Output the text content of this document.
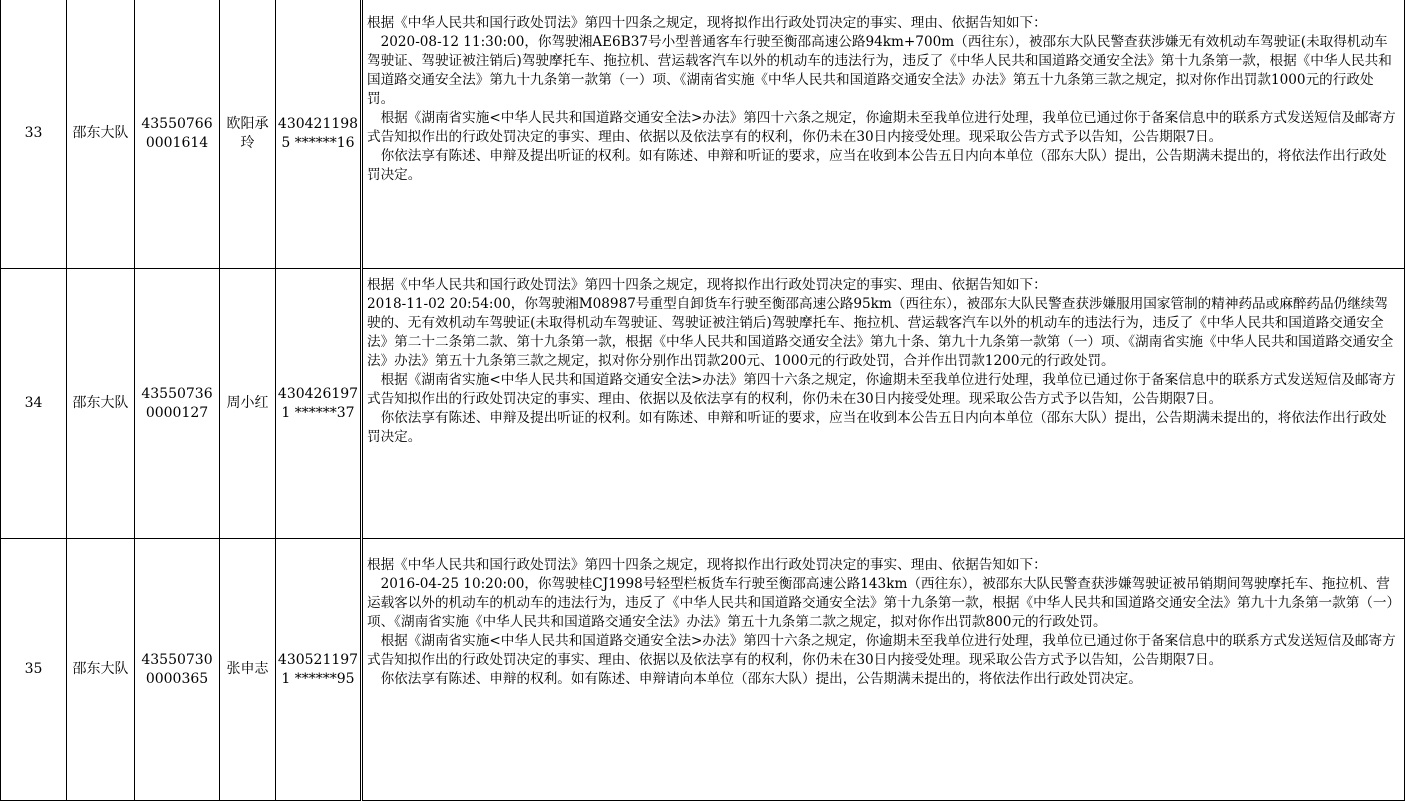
33	邵东大队	43550766 0001614	欧阳承玲	4304211985 ******16	根据《中华人民共和国行政处罚法》第四十四条之规定，现将拟作出行政处罚决定的事实、理由、依据告知如下：

2020-08-12 11:30:00，你驾驶湘AE6B37号小型普通客车行驶至衡邵高速公路94km+700m（西往东），被邵东大队民警查获涉嫌无有效机动车驾驶证(未取得机动车驾驶证、驾驶证被注销后)驾驶摩托车、拖拉机、营运载客汽车以外的机动车的违法行为，违反了《中华人民共和国道路交通安全法》第十九条第一款，根据《中华人民共和国道路交通安全法》第九十九条第一款第（一）项、《湖南省实施《中华人民共和国道路交通安全法》办法》第五十九条第三款之规定，拟对你作出罚款1000元的行政处罚。

根据《湖南省实施<中华人民共和国道路交通安全法>办法》第四十六条之规定，你逾期未至我单位进行处理，我单位已通过你于备案信息中的联系方式发送短信及邮寄方式告知拟作出的行政处罚决定的事实、理由、依据以及依法享有的权利，你仍未在30日内接受处理。现采取公告方式予以告知，公告期限7日。

你依法享有陈述、申辩及提出听证的权利。如有陈述、申辩和听证的要求，应当在收到本公告五日内向本单位（邵东大队）提出，公告期满未提出的，将依法作出行政处罚决定。

34	邵东大队	43550736 0000127	周小红	4304261971 ******37	根据《中华人民共和国行政处罚法》第四十四条之规定，现将拟作出行政处罚决定的事实、理由、依据告知如下：

2018-11-02 20:54:00，你驾驶湘M08987号重型自卸货车行驶至衡邵高速公路95km（西往东），被邵东大队民警查获涉嫌服用国家管制的精神药品或麻醉药品仍继续驾驶的、无有效机动车驾驶证(未取得机动车驾驶证、驾驶证被注销后)驾驶摩托车、拖拉机、营运载客汽车以外的机动车的违法行为，违反了《中华人民共和国道路交通安全法》第二十二条第二款、第十九条第一款，根据《中华人民共和国道路交通安全法》第九十条、第九十九条第一款第（一）项、《湖南省实施《中华人民共和国道路交通安全法》办法》第五十九条第三款之规定，拟对你分别作出罚款200元、1000元的行政处罚，合并作出罚款1200元的行政处罚。

根据《湖南省实施<中华人民共和国道路交通安全法>办法》第四十六条之规定，你逾期未至我单位进行处理，我单位已通过你于备案信息中的联系方式发送短信及邮寄方式告知拟作出的行政处罚决定的事实、理由、依据以及依法享有的权利，你仍未在30日内接受处理。现采取公告方式予以告知，公告期限7日。

你依法享有陈述、申辩及提出听证的权利。如有陈述、申辩和听证的要求，应当在收到本公告五日内向本单位（邵东大队）提出，公告期满未提出的，将依法作出行政处罚决定。

35	邵东大队	43550730 0000365	张申志	4305211971 ******95	根据《中华人民共和国行政处罚法》第四十四条之规定，现将拟作出行政处罚决定的事实、理由、依据告知如下：

2016-04-25 10:20:00，你驾驶桂CJ1998号轻型栏板货车行驶至衡邵高速公路143km（西往东），被邵东大队民警查获涉嫌驾驶证被吊销期间驾驶摩托车、拖拉机、营运载客以外的机动车的机动车的违法行为，违反了《中华人民共和国道路交通安全法》第十九条第一款，根据《中华人民共和国道路交通安全法》第九十九条第一款第（一）项、《湖南省实施《中华人民共和国道路交通安全法》办法》第五十九条第二款之规定，拟对你作出罚款800元的行政处罚。

根据《湖南省实施<中华人民共和国道路交通安全法>办法》第四十六条之规定，你逾期未至我单位进行处理，我单位已通过你于备案信息中的联系方式发送短信及邮寄方式告知拟作出的行政处罚决定的事实、理由、依据以及依法享有的权利，你仍未在30日内接受处理。现采取公告方式予以告知，公告期限7日。

你依法享有陈述、申辩的权利。如有陈述、申辩请向本单位（邵东大队）提出，公告期满未提出的，将依法作出行政处罚决定。
